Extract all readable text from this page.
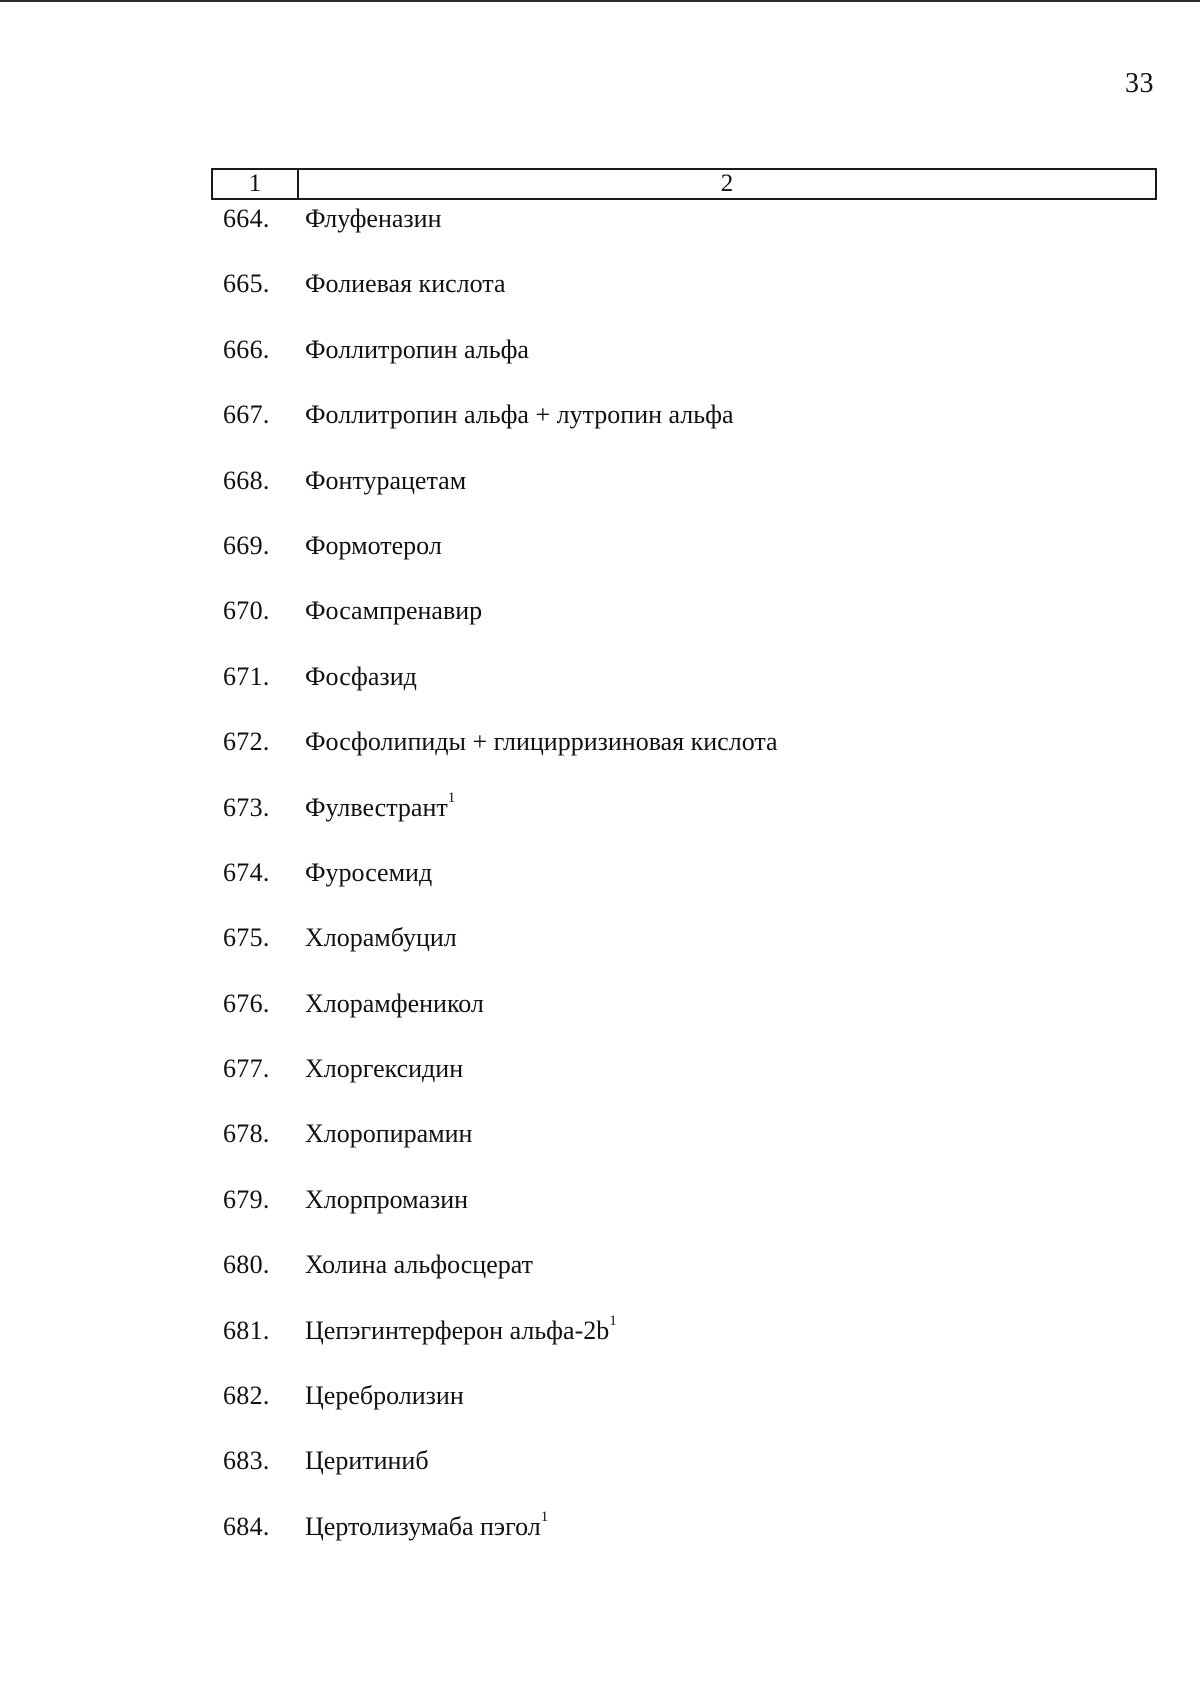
33
1	2
664. Флуфеназин
665. Фолиевая кислота
666. Фоллитропин альфа
667. Фоллитропин альфа + лутропин альфа
668. Фонтурацетам
669. Формотерол
670. Фосампренавир
671. Фосфазид
672. Фосфолипиды + глицирризиновая кислота
673. Фулвестрант$^1$
674. Фуросемид
675. Хлорамбуцил
676. Хлорамфеникол
677. Хлоргексидин
678. Хлоропирамин
679. Хлорпромазин
680. Холина альфосцерат
681. Цепэгинтерферон альфа-$2b^1$
682. Церебролизин
683. Церитиниб
684. Цертолизумаба пэгол$^1$
